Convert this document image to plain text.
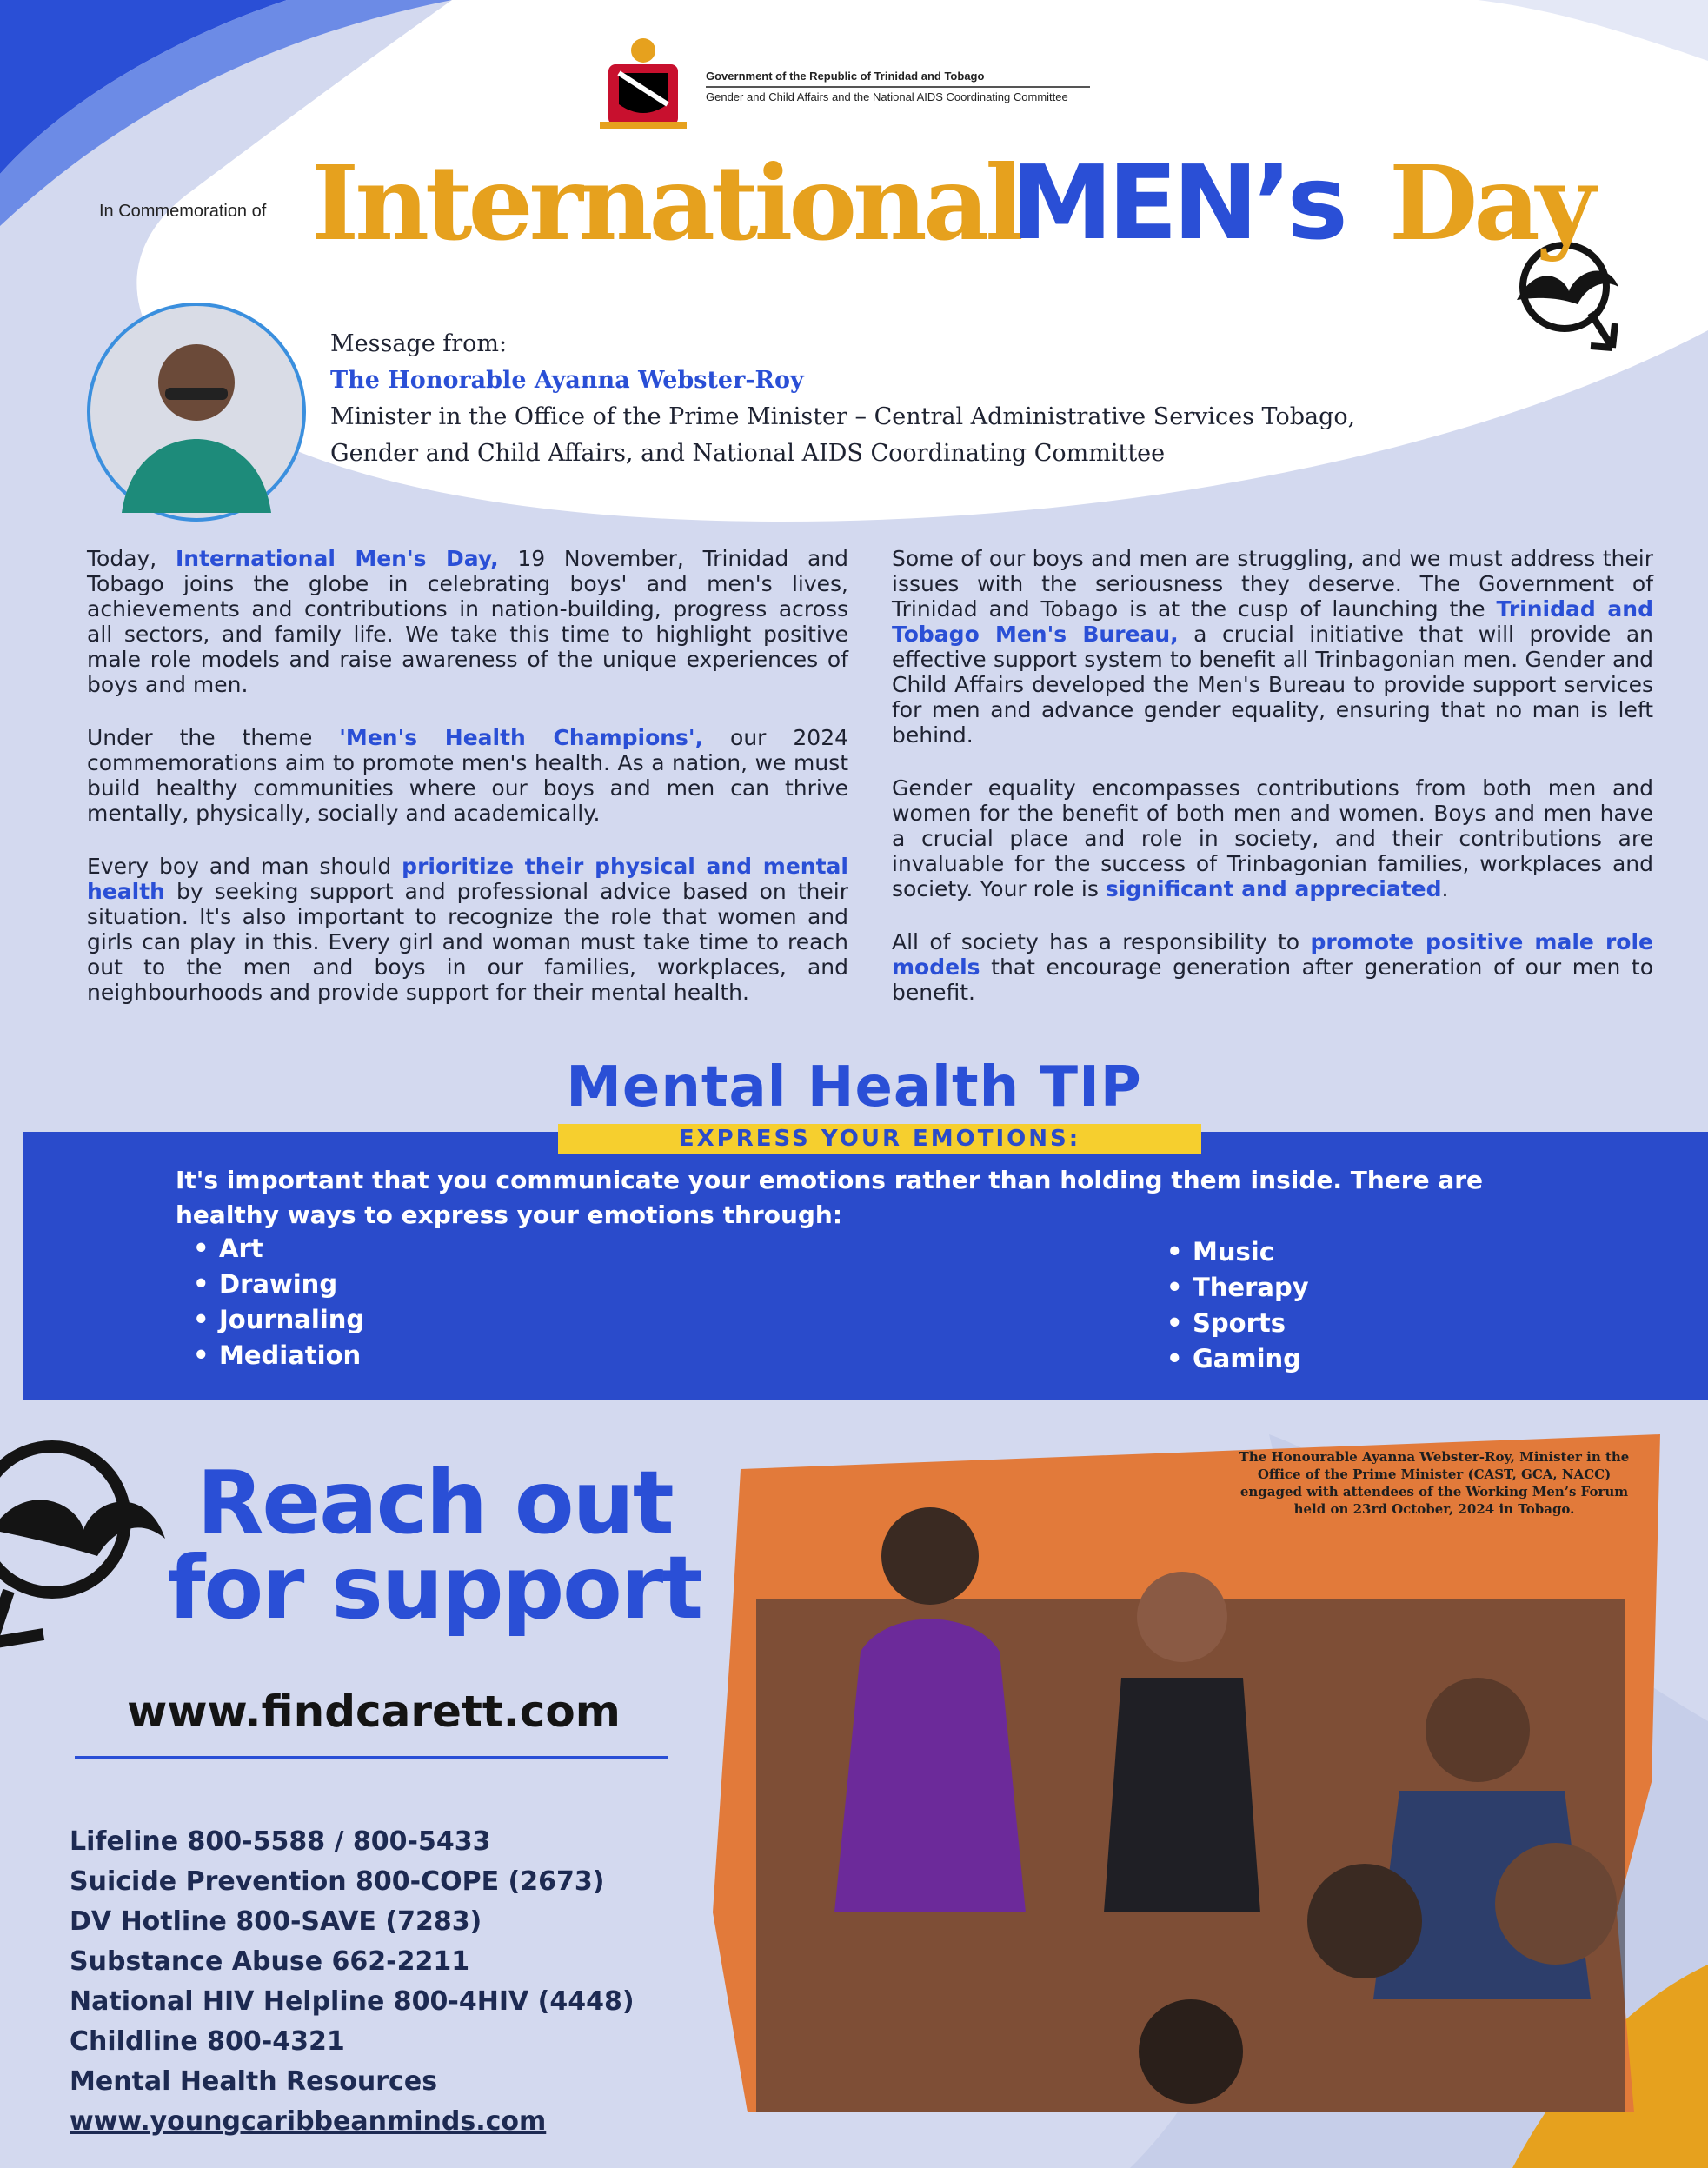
Government of the Republic of Trinidad and Tobago
Gender and Child Affairs and the National AIDS Coordinating Committee
In Commemoration of International
MEN’s Day
Message from:
The Honorable Ayanna Webster-Roy
Minister in the Office of the Prime Minister – Central Administrative Services Tobago,
Gender and Child Affairs, and National AIDS Coordinating Committee

Today, International Men's Day, 19 November, Trinidad and Tobago joins the globe in celebrating boys' and men's lives, achievements and contributions in nation-building, progress across all sectors, and family life. We take this time to highlight positive male role models and raise awareness of the unique experiences of boys and men.

Under the theme 'Men's Health Champions', our 2024 commemorations aim to promote men's health. As a nation, we must build healthy communities where our boys and men can thrive mentally, physically, socially and academically.

Every boy and man should prioritize their physical and mental health by seeking support and professional advice based on their situation. It's also important to recognize the role that women and girls can play in this. Every girl and woman must take time to reach out to the men and boys in our families, workplaces, and neighbourhoods and provide support for their mental health.

Some of our boys and men are struggling, and we must address their issues with the seriousness they deserve. The Government of Trinidad and Tobago is at the cusp of launching the Trinidad and Tobago Men's Bureau, a crucial initiative that will provide an effective support system to benefit all Trinbagonian men. Gender and Child Affairs developed the Men's Bureau to provide support services for men and advance gender equality, ensuring that no man is left behind.

Gender equality encompasses contributions from both men and women for the benefit of both men and women. Boys and men have a crucial place and role in society, and their contributions are invaluable for the success of Trinbagonian families, workplaces and society. Your role is significant and appreciated.

All of society has a responsibility to promote positive male role models that encourage generation after generation of our men to benefit.

Mental Health TIP
EXPRESS YOUR EMOTIONS:
It's important that you communicate your emotions rather than holding them inside. There are healthy ways to express your emotions through:
• Art
• Drawing
• Journaling
• Mediation
• Music
• Therapy
• Sports
• Gaming
Reach out
for support
www.findcarett.com
Lifeline 800-5588 / 800-5433
Suicide Prevention 800-COPE (2673)
DV Hotline 800-SAVE (7283)
Substance Abuse 662-2211
National HIV Helpline 800-4HIV (4448)
Childline 800-4321
Mental Health Resources
www.youngcaribbeanminds.com
The Honourable Ayanna Webster-Roy, Minister in the Office of the Prime Minister (CAST, GCA, NACC) engaged with attendees of the Working Men’s Forum held on 23rd October, 2024 in Tobago.
